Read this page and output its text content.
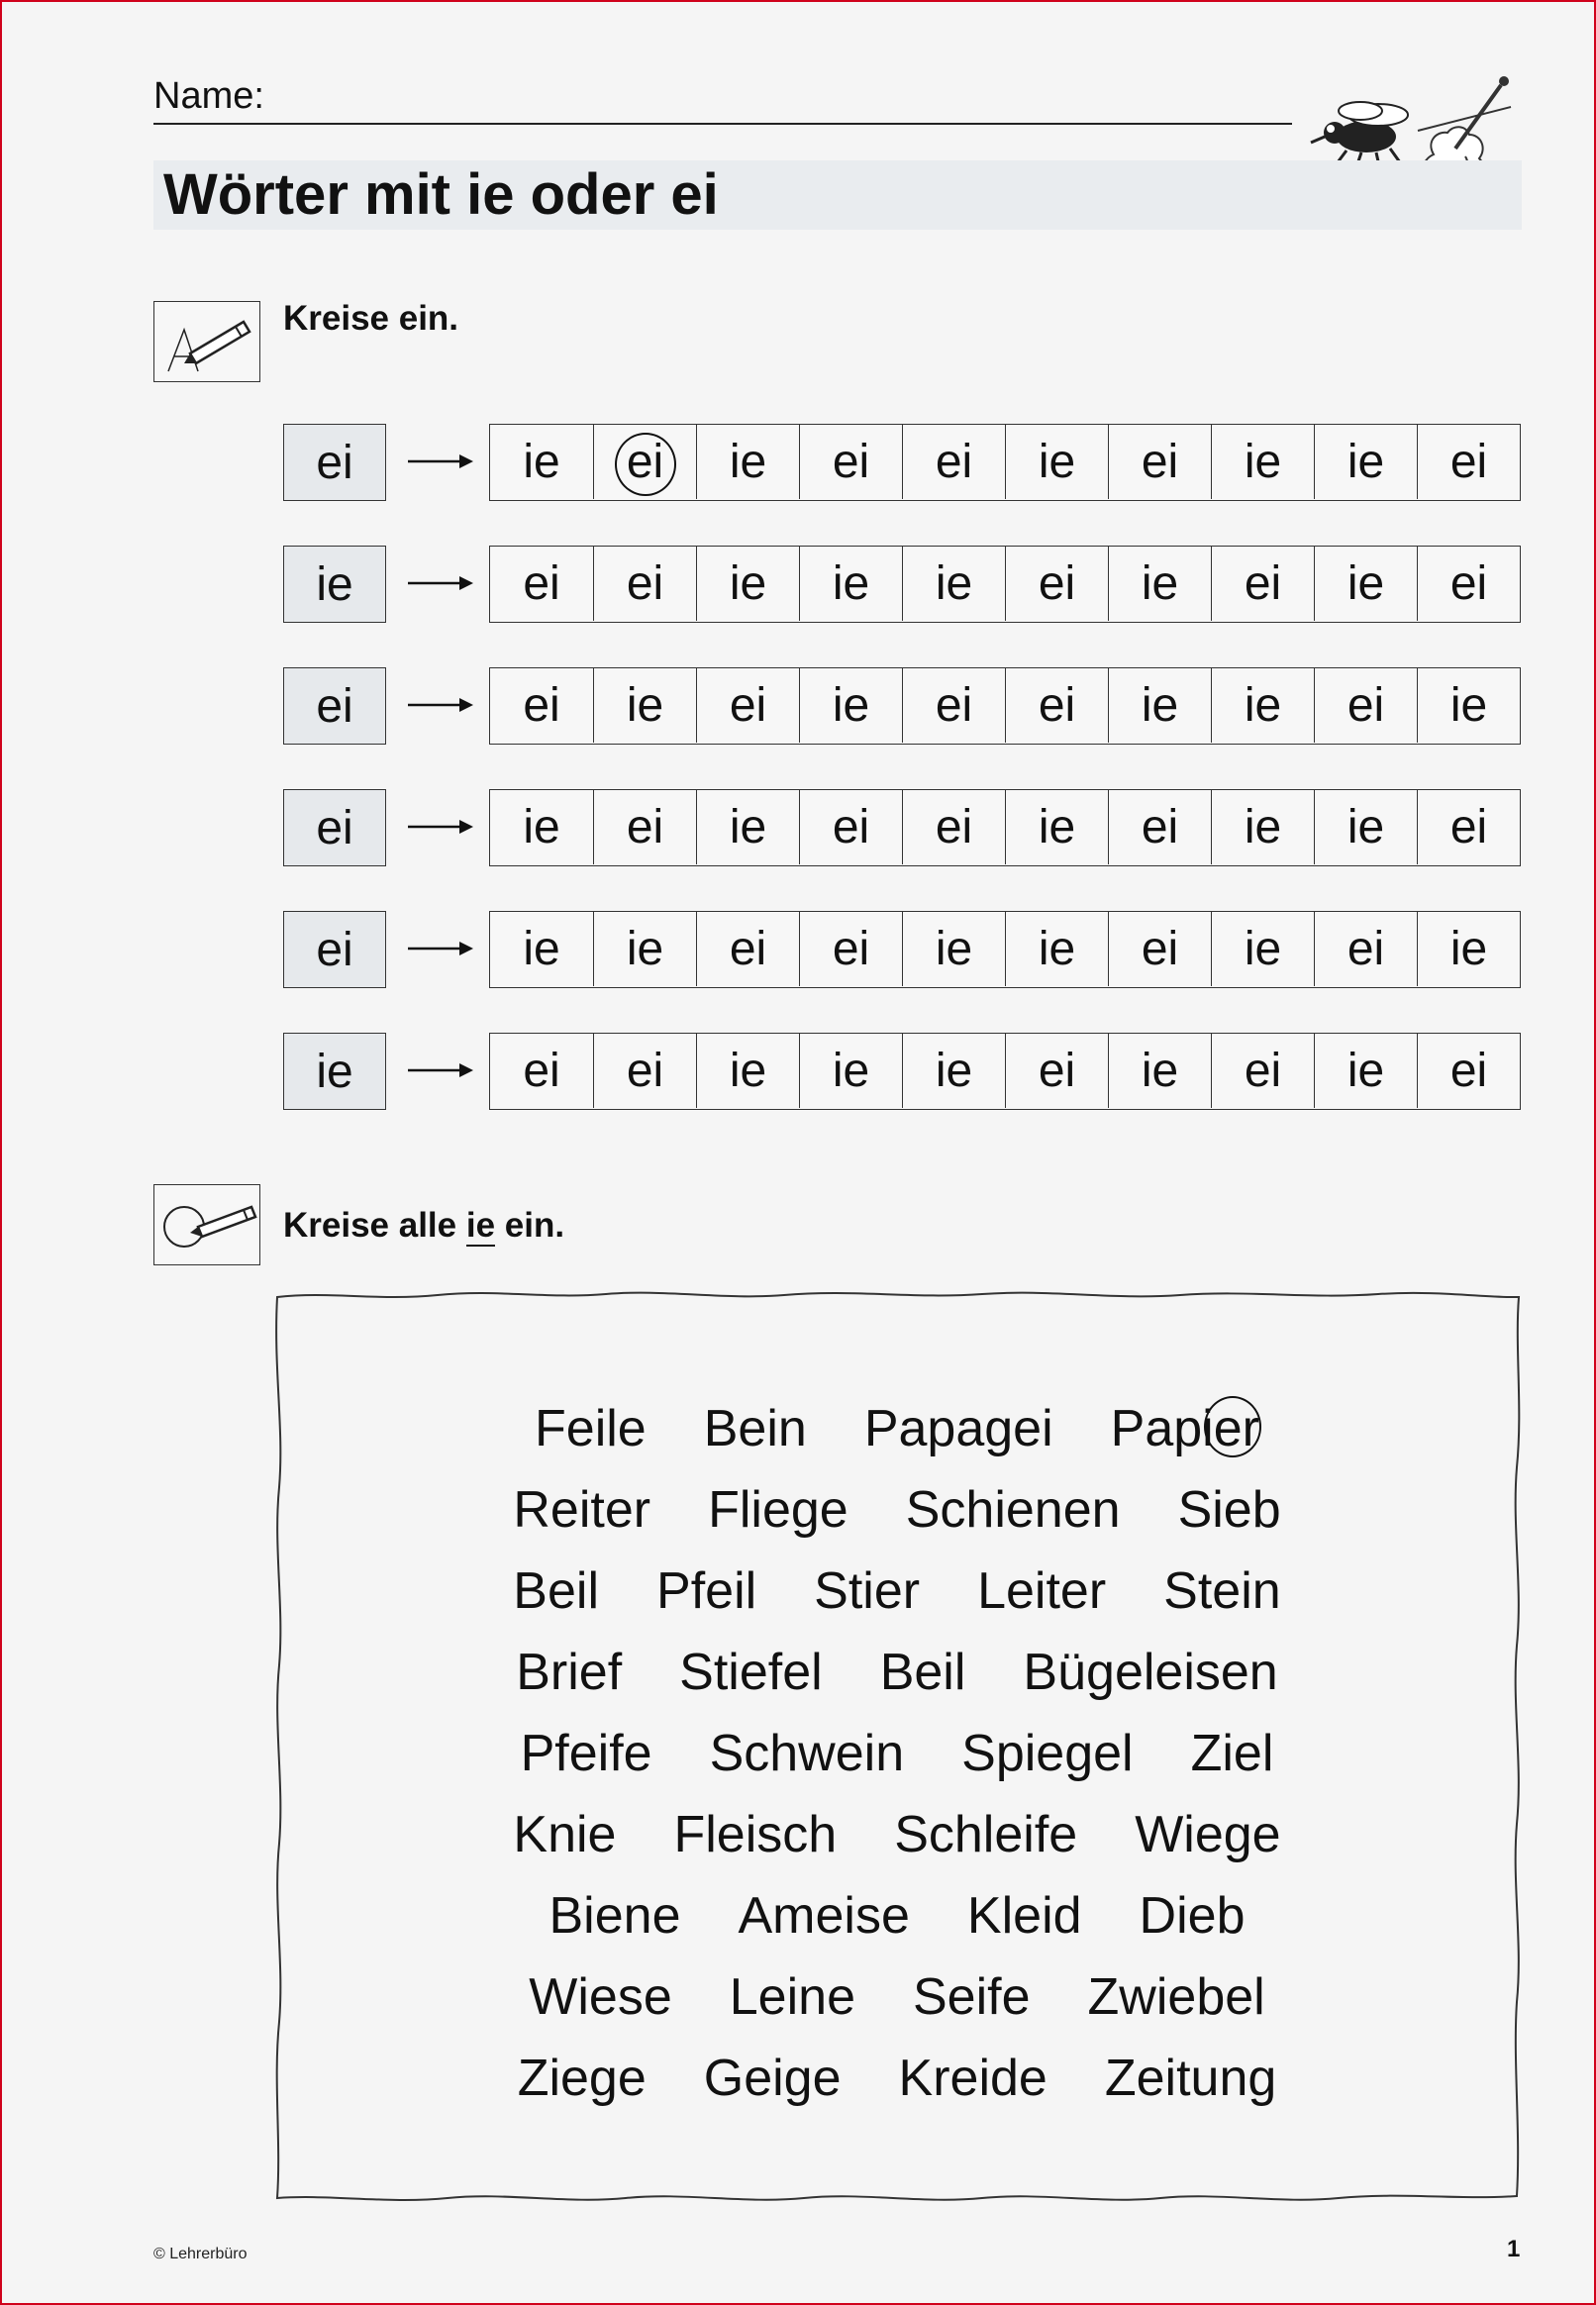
Name:
Wörter mit ie oder ei
Kreise ein.
ei	ie	ei	ie	ei	ei	ie	ei	ie	ie	ei
ie	ei	ei	ie	ie	ie	ei	ie	ei	ie	ei
ei	ei	ie	ei	ie	ei	ei	ie	ie	ei	ie
ei	ie	ei	ie	ei	ei	ie	ei	ie	ie	ei
ei	ie	ie	ei	ei	ie	ie	ei	ie	ei	ie
ie	ei	ei	ie	ie	ie	ei	ie	ei	ie	ei
Kreise alle ie ein.
Feile Bein Papagei Papier
Reiter Fliege Schienen Sieb
Beil Pfeil Stier Leiter Stein
Brief Stiefel Beil Bügeleisen
Pfeife Schwein Spiegel Ziel
Knie Fleisch Schleife Wiege
Biene Ameise Kleid Dieb
Wiese Leine Seife Zwiebel
Ziege Geige Kreide Zeitung
© Lehrerbüro	1
